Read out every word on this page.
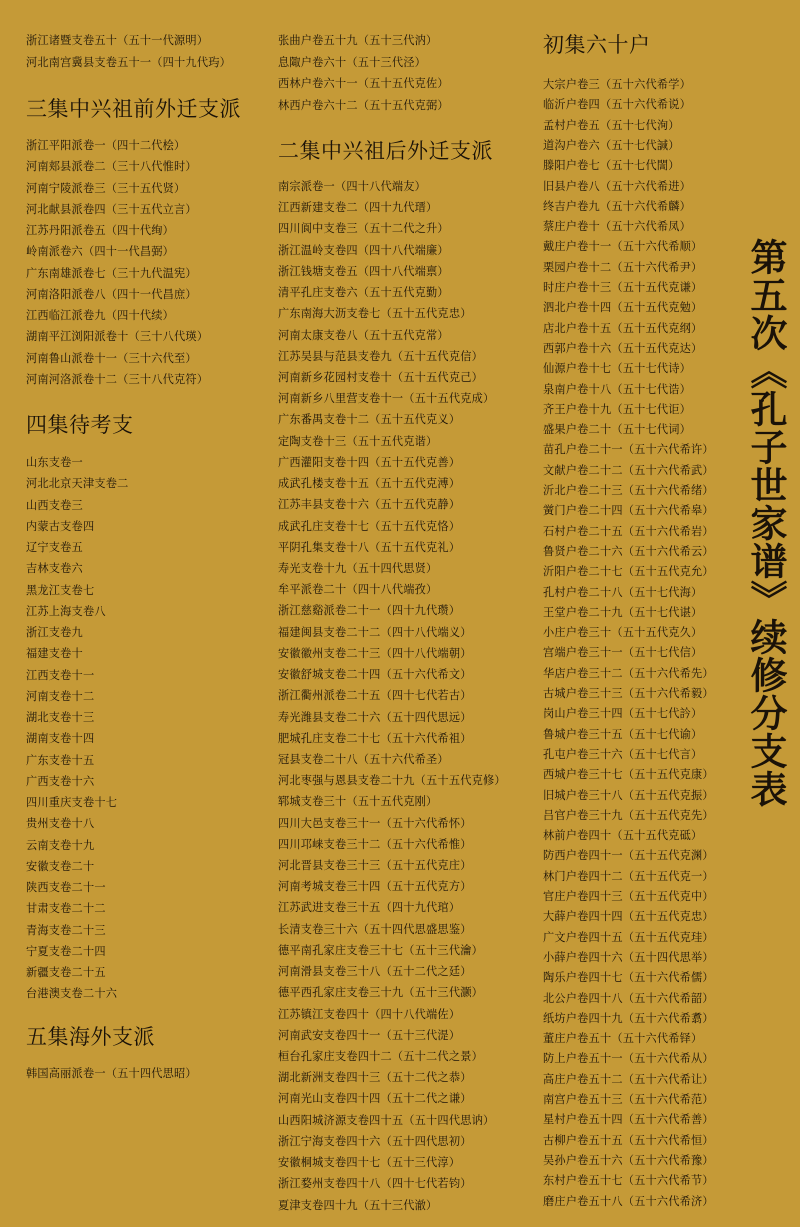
浙江诸暨支卷五十（五十一代源明）
河北南宫冀县支卷五十一（四十九代玙）
三集中兴祖前外迁支派
浙江平阳派卷一（四十二代桧）
河南郏县派卷二（三十八代惟时）
河南宁陵派卷三（三十五代贤）
河北献县派卷四（三十五代立言）
江苏丹阳派卷五（四十代绚）
岭南派卷六（四十一代昌弼）
广东南雄派卷七（三十九代温宪）
河南洛阳派卷八（四十一代昌庶）
江西临江派卷九（四十代续）
湖南平江浏阳派卷十（三十八代瑛）
河南鲁山派卷十一（三十六代至）
河南河洛派卷十二（三十八代克符）
四集待考支
山东支卷一
河北北京天津支卷二
山西支卷三
内蒙古支卷四
辽宁支卷五
吉林支卷六
黑龙江支卷七
江苏上海支卷八
浙江支卷九
福建支卷十
江西支卷十一
河南支卷十二
湖北支卷十三
湖南支卷十四
广东支卷十五
广西支卷十六
四川重庆支卷十七
贵州支卷十八
云南支卷十九
安徽支卷二十
陕西支卷二十一
甘肃支卷二十二
青海支卷二十三
宁夏支卷二十四
新疆支卷二十五
台港澳支卷二十六
五集海外支派
韩国高丽派卷一（五十四代思昭）
张曲户卷五十九（五十三代汭）
息陬户卷六十（五十三代泾）
西林户卷六十一（五十五代克佐）
林西户卷六十二（五十五代克弼）
二集中兴祖后外迁支派
南宗派卷一（四十八代端友）
江西新建支卷二（四十九代瑨）
四川阆中支卷三（五十二代之升）
浙江温岭支卷四（四十八代端廉）
浙江钱塘支卷五（四十八代端禀）
清平孔庄支卷六（五十五代克勤）
广东南海大沥支卷七（五十五代克忠）
河南太康支卷八（五十五代克常）
江苏吴县与范县支卷九（五十五代克信）
河南新乡花园村支卷十（五十五代克己）
河南新乡八里营支卷十一（五十五代克成）
广东番禺支卷十二（五十五代克义）
定陶支卷十三（五十五代克谐）
广西灌阳支卷十四（五十五代克善）
成武孔楼支卷十五（五十五代克溥）
江苏丰县支卷十六（五十五代克静）
成武孔庄支卷十七（五十五代克恪）
平阴孔集支卷十八（五十五代克礼）
寿光支卷十九（五十四代思贤）
牟平派卷二十（四十八代端孜）
浙江慈谿派卷二十一（四十九代瓒）
福建闽县支卷二十二（四十八代端义）
安徽徽州支卷二十三（四十八代端朝）
安徽舒城支卷二十四（五十六代希文）
浙江衢州派卷二十五（四十七代若古）
寿光潍县支卷二十六（五十四代思远）
肥城孔庄支卷二十七（五十六代希祖）
冠县支卷二十八（五十六代希圣）
河北枣强与恩县支卷二十九（五十五代克修）
郓城支卷三十（五十五代克刚）
四川大邑支卷三十一（五十六代希怀）
四川邛崃支卷三十二（五十六代希惟）
河北晋县支卷三十三（五十五代克庄）
河南考城支卷三十四（五十五代克方）
江苏武进支卷三十五（四十九代琯）
长清支卷三十六（五十四代思盛思鉴）
德平南孔家庄支卷三十七（五十三代瀹）
河南滑县支卷三十八（五十二代之廷）
德平西孔家庄支卷三十九（五十三代灏）
江苏镇江支卷四十（四十八代端佐）
河南武安支卷四十一（五十三代湜）
桓台孔家庄支卷四十二（五十二代之景）
湖北新洲支卷四十三（五十二代之恭）
河南光山支卷四十四（五十二代之谦）
山西阳城济源支卷四十五（五十四代思讷）
浙江宁海支卷四十六（五十四代思初）
安徽桐城支卷四十七（五十三代淳）
浙江婺州支卷四十八（四十七代若钧）
夏津支卷四十九（五十三代澈）
初集六十户
大宗户卷三（五十六代希学）
临沂户卷四（五十六代希说）
孟村户卷五（五十七代洵）
道沟户卷六（五十七代諴）
滕阳户卷七（五十七代誾）
旧县户卷八（五十六代希进）
终吉户卷九（五十六代希麟）
蔡庄户卷十（五十六代希凤）
戴庄户卷十一（五十六代希顺）
栗园户卷十二（五十六代希尹）
时庄户卷十三（五十五代克谦）
泗北户卷十四（五十五代克勉）
店北户卷十五（五十五代克纲）
西郭户卷十六（五十五代克达）
仙源户卷十七（五十七代诗）
泉南户卷十八（五十七代诰）
齐王户卷十九（五十七代讵）
盛果户卷二十（五十七代词）
苗孔户卷二十一（五十六代希许）
文献户卷二十二（五十六代希武）
沂北户卷二十三（五十六代希绪）
黉门户卷二十四（五十六代希皋）
石村户卷二十五（五十六代希岩）
鲁贤户卷二十六（五十六代希云）
沂阳户卷二十七（五十五代克允）
孔村户卷二十八（五十七代海）
王堂户卷二十九（五十七代谌）
小庄户卷三十（五十五代克久）
宫端户卷三十一（五十七代信）
华店户卷三十二（五十六代希先）
古城户卷三十三（五十六代希毅）
岗山户卷三十四（五十七代訡）
鲁城户卷三十五（五十七代谕）
孔屯户卷三十六（五十七代言）
西城户卷三十七（五十五代克康）
旧城户卷三十八（五十五代克振）
吕官户卷三十九（五十五代克先）
林前户卷四十（五十五代克砥）
防西户卷四十一（五十五代克渊）
林门户卷四十二（五十五代克一）
官庄户卷四十三（五十五代克中）
大薛户卷四十四（五十五代克忠）
广文户卷四十五（五十五代克珪）
小薛户卷四十六（五十四代思举）
陶乐户卷四十七（五十六代希儒）
北公户卷四十八（五十六代希韶）
纸坊户卷四十九（五十六代希翥）
董庄户卷五十（五十六代希铎）
防上户卷五十一（五十六代希从）
高庄户卷五十二（五十六代希让）
南宫户卷五十三（五十六代希范）
星村户卷五十四（五十六代希善）
古柳户卷五十五（五十六代希恒）
吴孙户卷五十六（五十六代希豫）
东村户卷五十七（五十六代希节）
磨庄户卷五十八（五十六代希济）
第五次《孔子世家谱》续修分支表
